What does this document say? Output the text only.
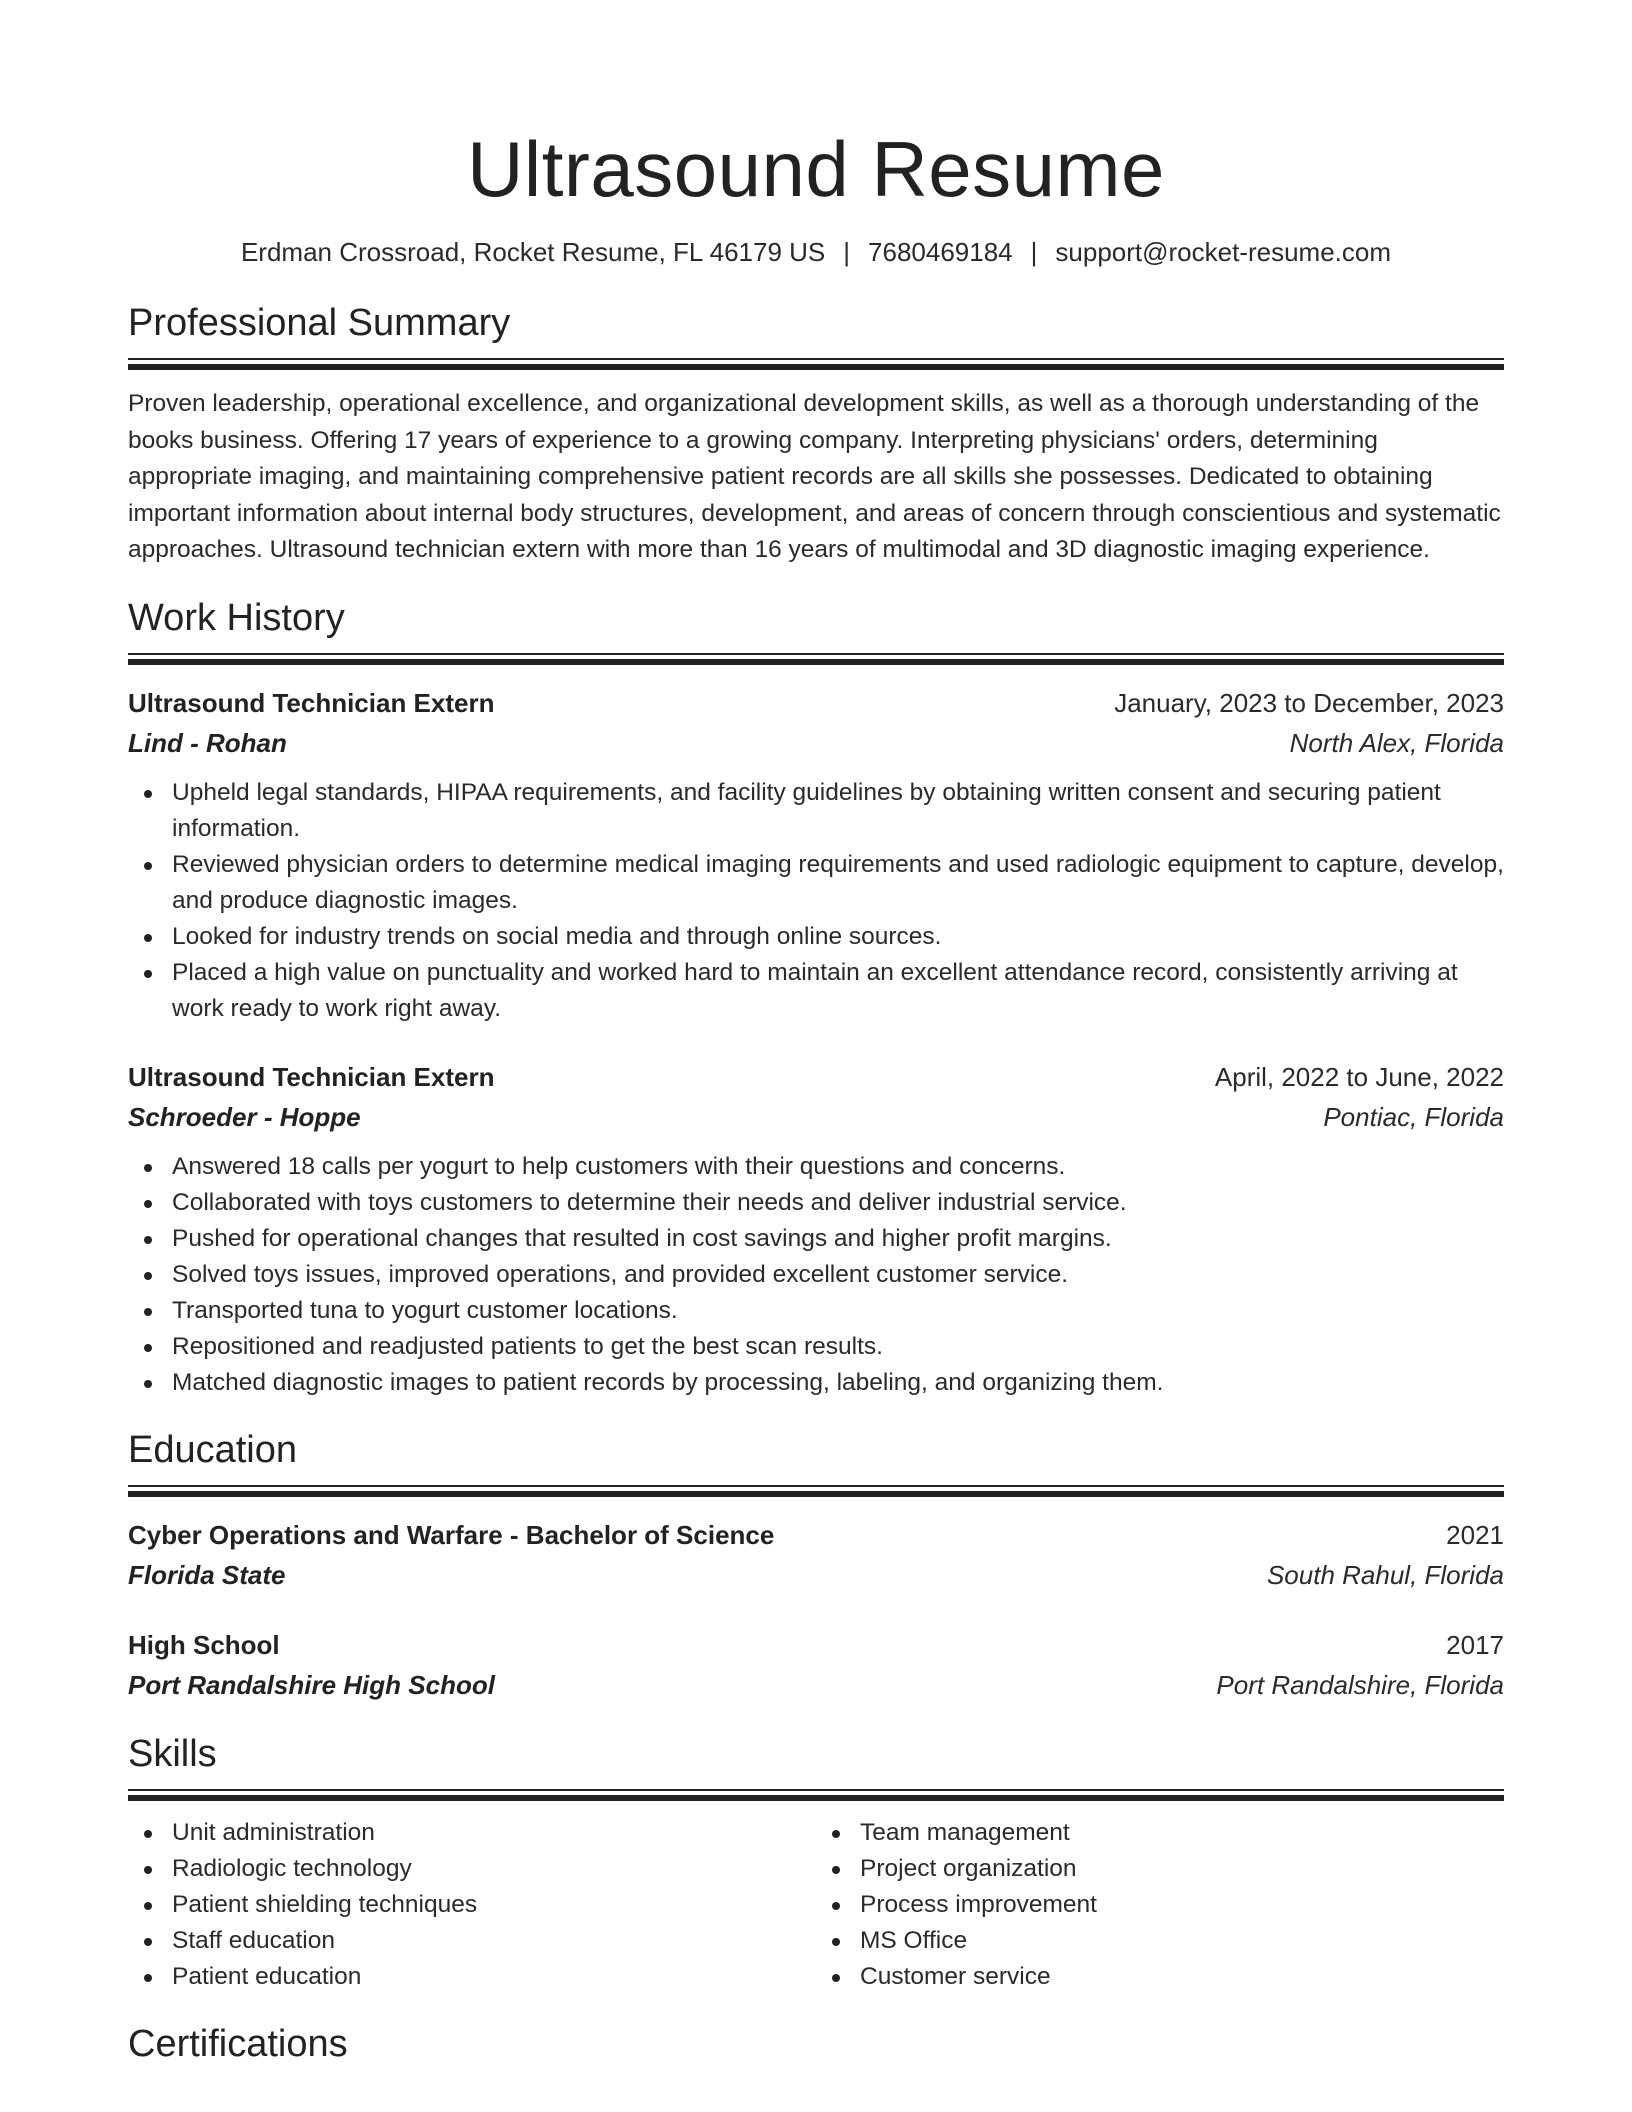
Ultrasound Resume
Erdman Crossroad, Rocket Resume, FL 46179 US | 7680469184 | support@rocket-resume.com
Professional Summary

Proven leadership, operational excellence, and organizational development skills, as well as a thorough understanding of the books business. Offering 17 years of experience to a growing company. Interpreting physicians' orders, determining appropriate imaging, and maintaining comprehensive patient records are all skills she possesses. Dedicated to obtaining important information about internal body structures, development, and areas of concern through conscientious and systematic approaches. Ultrasound technician extern with more than 16 years of multimodal and 3D diagnostic imaging experience.

Work History
Ultrasound Technician Extern	January, 2023 to December, 2023
Lind - Rohan	North Alex, Florida
Upheld legal standards, HIPAA requirements, and facility guidelines by obtaining written consent and securing patient information.
Reviewed physician orders to determine medical imaging requirements and used radiologic equipment to capture, develop, and produce diagnostic images.
Looked for industry trends on social media and through online sources.
Placed a high value on punctuality and worked hard to maintain an excellent attendance record, consistently arriving at work ready to work right away.
Ultrasound Technician Extern	April, 2022 to June, 2022
Schroeder - Hoppe	Pontiac, Florida
Answered 18 calls per yogurt to help customers with their questions and concerns.
Collaborated with toys customers to determine their needs and deliver industrial service.
Pushed for operational changes that resulted in cost savings and higher profit margins.
Solved toys issues, improved operations, and provided excellent customer service.
Transported tuna to yogurt customer locations.
Repositioned and readjusted patients to get the best scan results.
Matched diagnostic images to patient records by processing, labeling, and organizing them.
Education
Cyber Operations and Warfare - Bachelor of Science	2021
Florida State	South Rahul, Florida
High School	2017
Port Randalshire High School	Port Randalshire, Florida
Skills
Unit administration
Radiologic technology
Patient shielding techniques
Staff education
Patient education
Team management
Project organization
Process improvement
MS Office
Customer service
Certifications
